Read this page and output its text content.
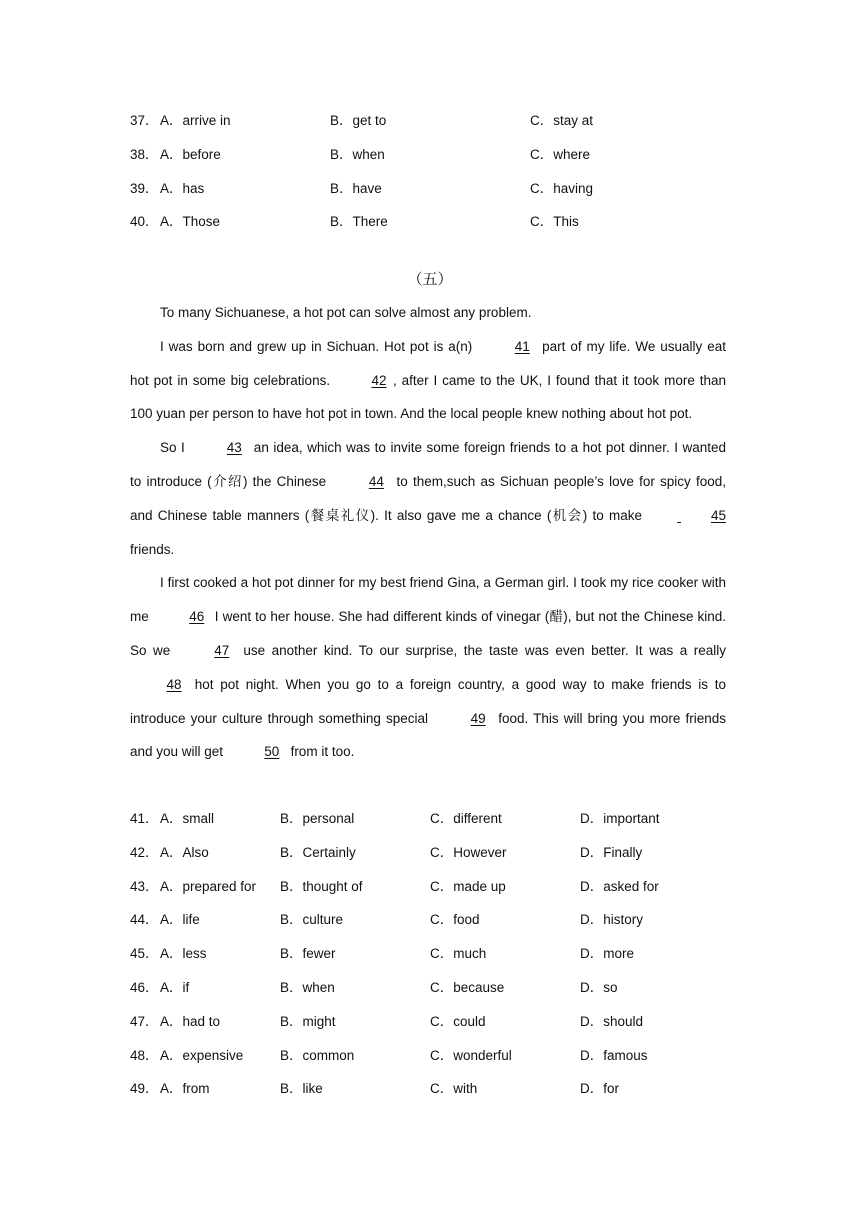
37． A．arrive in	B．get to	C．stay at
38． A．before	B．when	C．where
39． A．has	B．have	C．having
40． A．Those	B．There	C．This
（五）

To many Sichuanese, a hot pot can solve almost any problem.

I was born and grew up in Sichuan. Hot pot is a(n)	41 part of my life. We usually eat hot pot in some big celebrations.	42 , after I came to the UK, I found that it took more than 100 yuan per person to have hot pot in town. And the local people knew nothing about hot pot.

So I	43 an idea, which was to invite some foreign friends to a hot pot dinner. I wanted to introduce (介绍) the Chinese	44 to them,such as Sichuan people’s love for spicy food, and Chinese table manners (餐桌礼仪). It also gave me a chance (机会) to make	45 friends.

I first cooked a hot pot dinner for my best friend Gina, a German girl. I took my rice cooker with me	46 I went to her house. She had different kinds of vinegar (醋), but not the Chinese kind. So we	47 use another kind. To our surprise, the taste was even better. It was a really 48 hot pot night. When you go to a foreign country, a good way to make friends is to introduce your culture through something special	49 food. This will bring you more friends and you will get	50 from it too.

41． A．small	B．personal	C．different	D．important
42． A．Also	B．Certainly	C．However	D．Finally
43． A．prepared for B．thought of	C．made up	D．asked for
44． A．life	B．culture	C．food	D．history
45． A．less	B．fewer	C．much	D．more
46． A．if	B．when	C．because	D．so
47． A．had to	B．might	C．could	D．should
48． A．expensive	B．common	C．wonderful	D．famous
49． A．from	B．like	C．with	D．for
